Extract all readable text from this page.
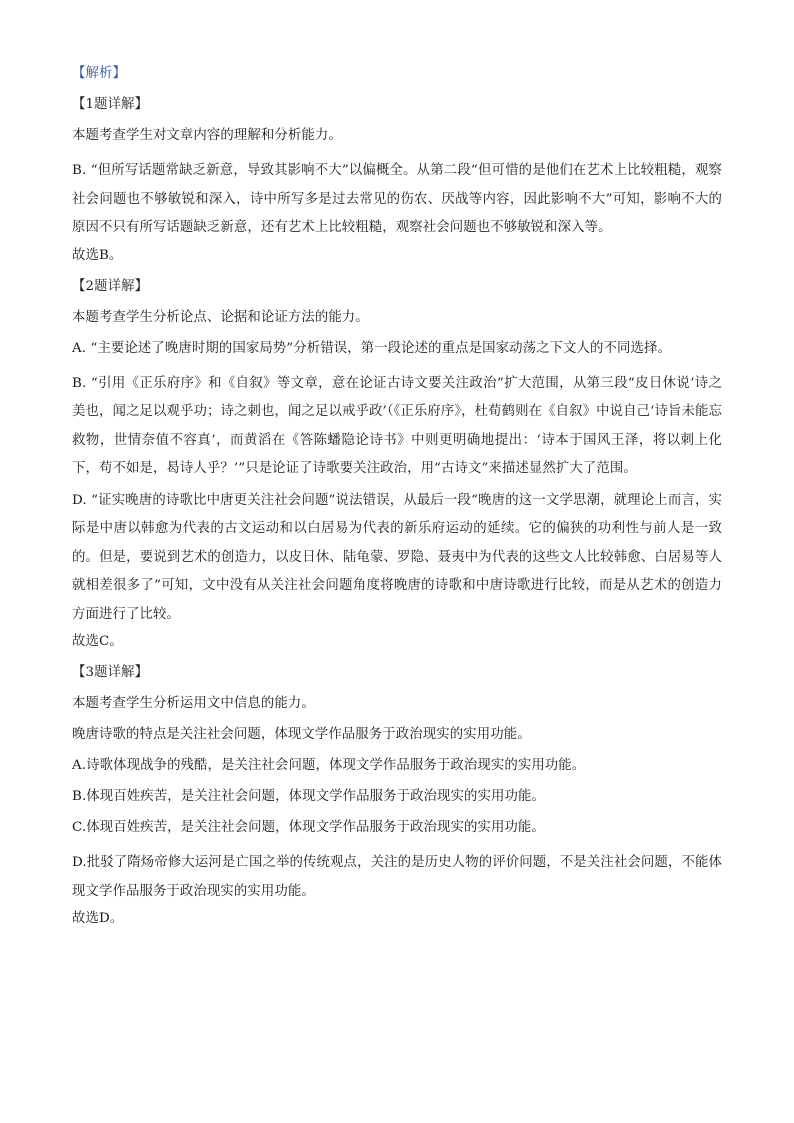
【解析】

【1题详解】

本题考查学生对文章内容的理解和分析能力。

B. “但所写话题常缺乏新意，导致其影响不大”以偏概全。从第二段“但可惜的是他们在艺术上比较粗糙，观察社会问题也不够敏锐和深入，诗中所写多是过去常见的伤农、厌战等内容，因此影响不大”可知，影响不大的原因不只有所写话题缺乏新意，还有艺术上比较粗糙，观察社会问题也不够敏锐和深入等。

故选B。

【2题详解】

本题考查学生分析论点、论据和论证方法的能力。

A. “主要论述了晚唐时期的国家局势”分析错误，第一段论述的重点是国家动荡之下文人的不同选择。

B. “引用《正乐府序》和《自叙》等文章，意在论证古诗文要关注政治”扩大范围，从第三段“皮日休说‘诗之美也，闻之足以观乎功；诗之刺也，闻之足以戒乎政’（《正乐府序》，杜荀鹤则在《自叙》中说自己‘诗旨未能忘救物，世情奈值不容真’，而黄滔在《答陈蟠隐论诗书》中则更明确地提出：‘诗本于国风王泽，将以刺上化下，苟不如是，曷诗人乎？’”只是论证了诗歌要关注政治，用“古诗文”来描述显然扩大了范围。

D. “证实晚唐的诗歌比中唐更关注社会问题”说法错误，从最后一段“晚唐的这一文学思潮，就理论上而言，实际是中唐以韩愈为代表的古文运动和以白居易为代表的新乐府运动的延续。它的偏狭的功利性与前人是一致的。但是，要说到艺术的创造力，以皮日休、陆龟蒙、罗隐、聂夷中为代表的这些文人比较韩愈、白居易等人就相差很多了”可知，文中没有从关注社会问题角度将晚唐的诗歌和中唐诗歌进行比较，而是从艺术的创造力方面进行了比较。

故选C。

【3题详解】

本题考查学生分析运用文中信息的能力。

晚唐诗歌的特点是关注社会问题，体现文学作品服务于政治现实的实用功能。

A.诗歌体现战争的残酷，是关注社会问题，体现文学作品服务于政治现实的实用功能。

B.体现百姓疾苦，是关注社会问题，体现文学作品服务于政治现实的实用功能。

C.体现百姓疾苦，是关注社会问题，体现文学作品服务于政治现实的实用功能。

D.批驳了隋炀帝修大运河是亡国之举的传统观点，关注的是历史人物的评价问题，不是关注社会问题，不能体现文学作品服务于政治现实的实用功能。

故选D。
